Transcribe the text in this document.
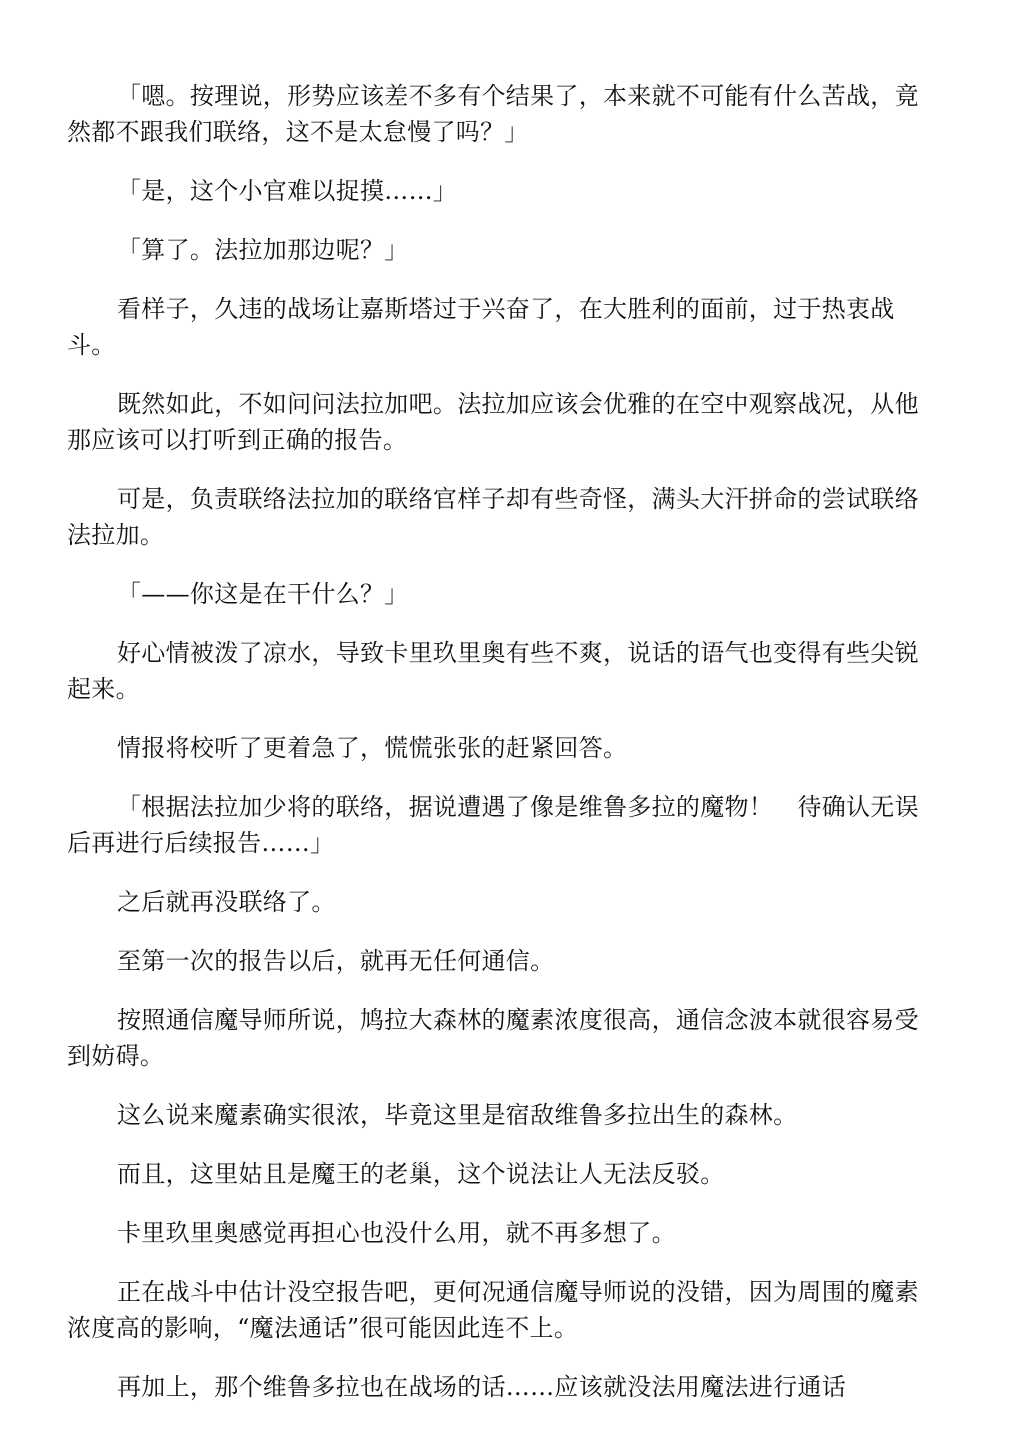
「嗯。按理说，形势应该差不多有个结果了，本来就不可能有什么苦战，竟然都不跟我们联络，这不是太怠慢了吗？」

「是，这个小官难以捉摸……」

「算了。法拉加那边呢？」

看样子，久违的战场让嘉斯塔过于兴奋了，在大胜利的面前，过于热衷战斗。

既然如此，不如问问法拉加吧。法拉加应该会优雅的在空中观察战况，从他那应该可以打听到正确的报告。

可是，负责联络法拉加的联络官样子却有些奇怪，满头大汗拼命的尝试联络法拉加。

「——你这是在干什么？」

好心情被泼了凉水，导致卡里玖里奥有些不爽，说话的语气也变得有些尖锐起来。

情报将校听了更着急了，慌慌张张的赶紧回答。

「根据法拉加少将的联络，据说遭遇了像是维鲁多拉的魔物！　待确认无误后再进行后续报告……」

之后就再没联络了。

至第一次的报告以后，就再无任何通信。

按照通信魔导师所说，鸠拉大森林的魔素浓度很高，通信念波本就很容易受到妨碍。

这么说来魔素确实很浓，毕竟这里是宿敌维鲁多拉出生的森林。

而且，这里姑且是魔王的老巢，这个说法让人无法反驳。

卡里玖里奥感觉再担心也没什么用，就不再多想了。

正在战斗中估计没空报告吧，更何况通信魔导师说的没错，因为周围的魔素浓度高的影响，“魔法通话”很可能因此连不上。

再加上，那个维鲁多拉也在战场的话……应该就没法用魔法进行通话
